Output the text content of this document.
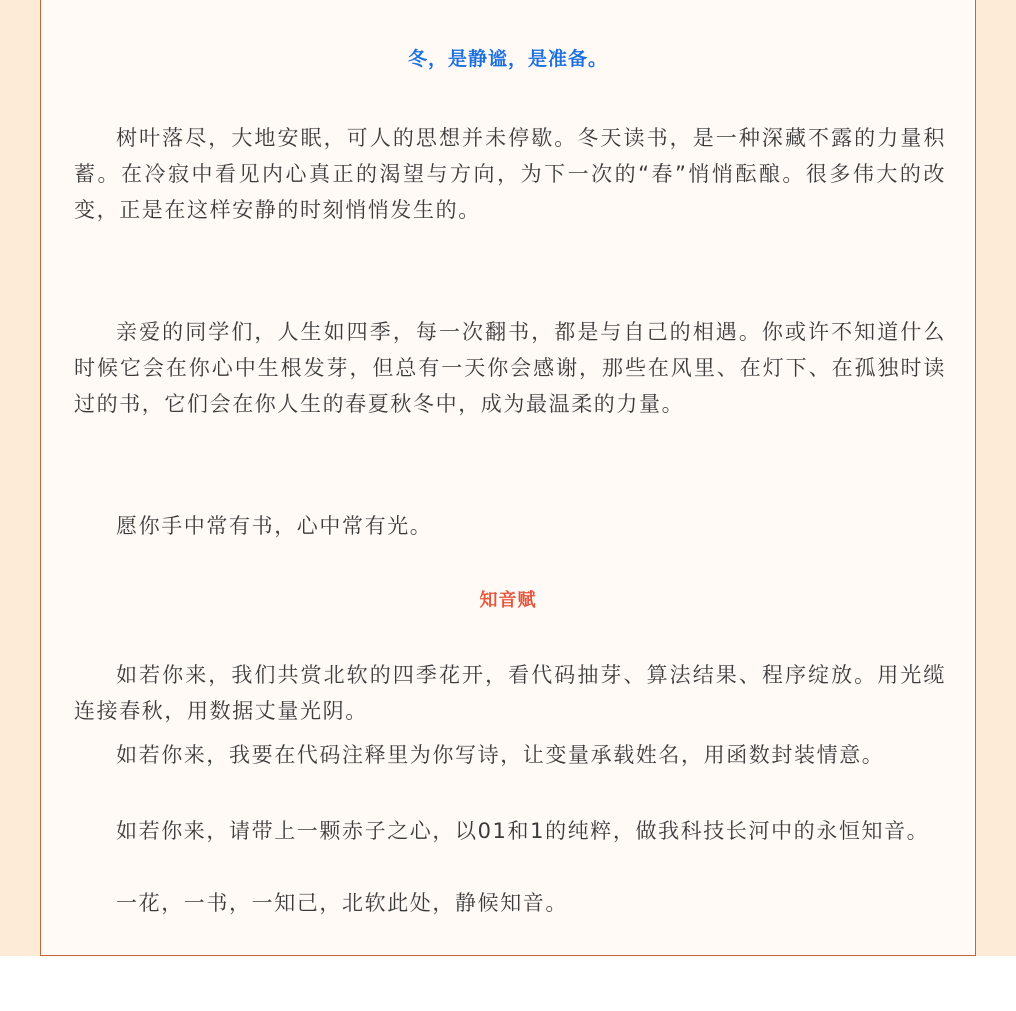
冬，是静谧，是准备。

树叶落尽，大地安眠，可人的思想并未停歇。冬天读书，是一种深藏不露的力量积蓄。在冷寂中看见内心真正的渴望与方向，为下一次的“春”悄悄酝酿。很多伟大的改变，正是在这样安静的时刻悄悄发生的。

亲爱的同学们，人生如四季，每一次翻书，都是与自己的相遇。你或许不知道什么时候它会在你心中生根发芽，但总有一天你会感谢，那些在风里、在灯下、在孤独时读过的书，它们会在你人生的春夏秋冬中，成为最温柔的力量。

愿你手中常有书，心中常有光。

知音赋

如若你来，我们共赏北软的四季花开，看代码抽芽、算法结果、程序绽放。用光缆连接春秋，用数据丈量光阴。

如若你来，我要在代码注释里为你写诗，让变量承载姓名，用函数封装情意。

如若你来，请带上一颗赤子之心，以01和1的纯粹，做我科技长河中的永恒知音。

一花，一书，一知己，北软此处，静候知音。
